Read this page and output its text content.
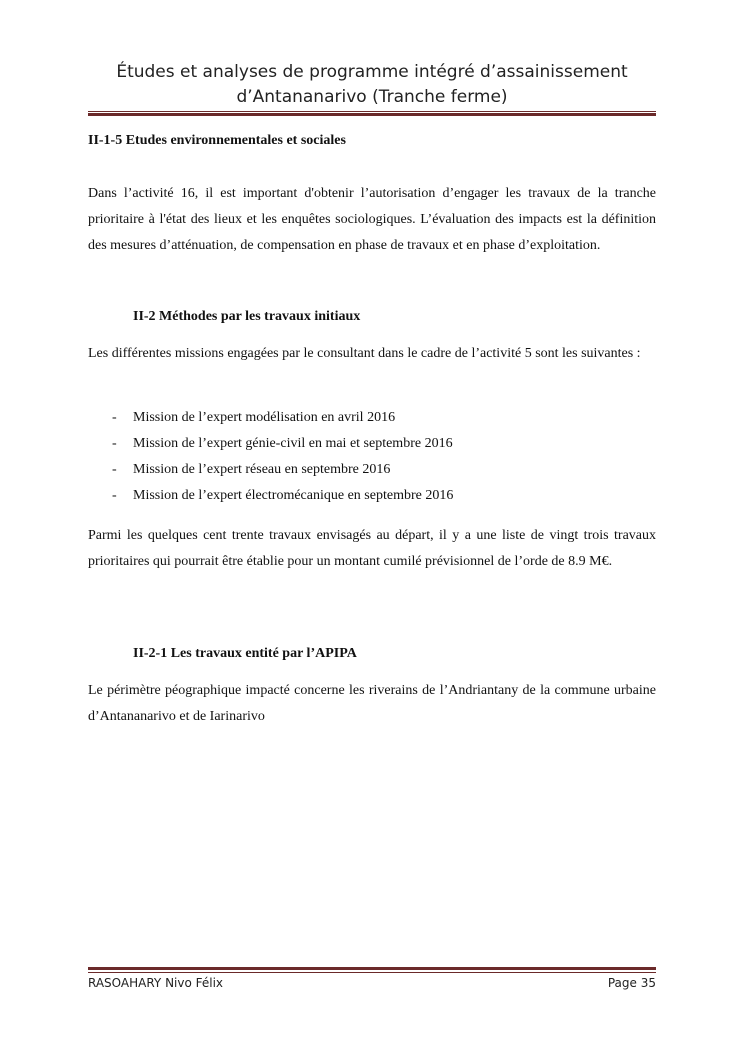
Études et analyses de programme intégré d’assainissement
d’Antananarivo (Tranche ferme)
II-1-5 Etudes environnementales et sociales

Dans l’activité 16, il est important d'obtenir l’autorisation d’engager les travaux de la tranche prioritaire à l'état des lieux et les enquêtes sociologiques. L’évaluation des impacts est la définition des mesures d’atténuation, de compensation en phase de travaux et en phase d’exploitation.

II-2 Méthodes par les travaux initiaux

Les différentes missions engagées par le consultant dans le cadre de l’activité 5 sont les suivantes :

- Mission de l’expert modélisation en avril 2016
- Mission de l’expert génie-civil en mai et septembre 2016
- Mission de l’expert réseau en septembre 2016
- Mission de l’expert électromécanique en septembre 2016

Parmi les quelques cent trente travaux envisagés au départ, il y a une liste de vingt trois travaux prioritaires qui pourrait être établie pour un montant cumilé prévisionnel de l’orde de 8.9 M€.

II-2-1 Les travaux entité par l’APIPA

Le périmètre péographique impacté concerne les riverains de l’Andriantany de la commune urbaine d’Antananarivo et de Iarinarivo

RASOAHARY Nivo Félix	Page 35
